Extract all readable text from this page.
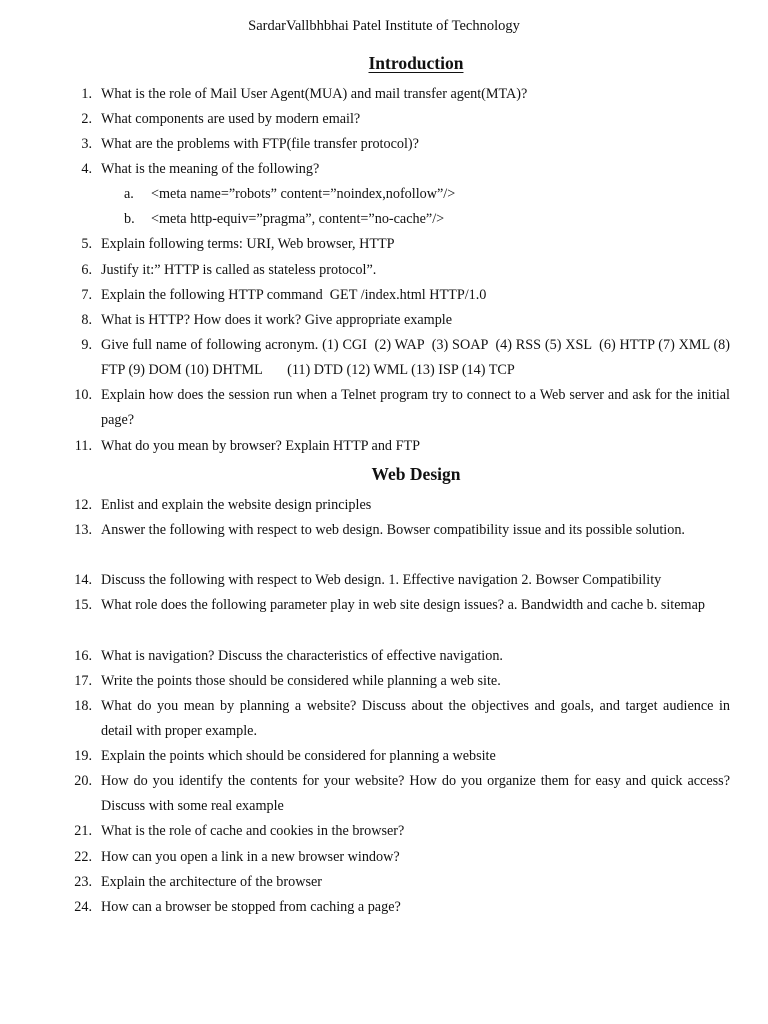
SardarVallbhbhai Patel Institute of Technology
Introduction
1. What is the role of Mail User Agent(MUA) and mail transfer agent(MTA)?
2. What components are used by modern email?
3. What are the problems with FTP(file transfer protocol)?
4. What is the meaning of the following?
a. <meta name=”robots” content=”noindex,nofollow”/>
b. <meta http-equiv=”pragma”, content=”no-cache”/>
5. Explain following terms: URI, Web browser, HTTP
6. Justify it:” HTTP is called as stateless protocol”.
7. Explain the following HTTP command  GET /index.html HTTP/1.0
8. What is HTTP? How does it work? Give appropriate example
9. Give full name of following acronym. (1) CGI  (2) WAP  (3) SOAP  (4) RSS (5) XSL  (6) HTTP (7) XML (8) FTP (9) DOM (10) DHTML       (11) DTD (12) WML (13) ISP (14) TCP
10. Explain how does the session run when a Telnet program try to connect to a Web server and ask for the initial page?
11. What do you mean by browser? Explain HTTP and FTP
Web Design
12. Enlist and explain the website design principles
13. Answer the following with respect to web design. Bowser compatibility issue and its possible solution.
14. Discuss the following with respect to Web design. 1. Effective navigation 2. Bowser Compatibility
15. What role does the following parameter play in web site design issues? a. Bandwidth and cache b. sitemap
16. What is navigation? Discuss the characteristics of effective navigation.
17. Write the points those should be considered while planning a web site.
18. What do you mean by planning a website? Discuss about the objectives and goals, and target audience in detail with proper example.
19. Explain the points which should be considered for planning a website
20. How do you identify the contents for your website? How do you organize them for easy and quick access? Discuss with some real example
21. What is the role of cache and cookies in the browser?
22. How can you open a link in a new browser window?
23. Explain the architecture of the browser
24. How can a browser be stopped from caching a page?
